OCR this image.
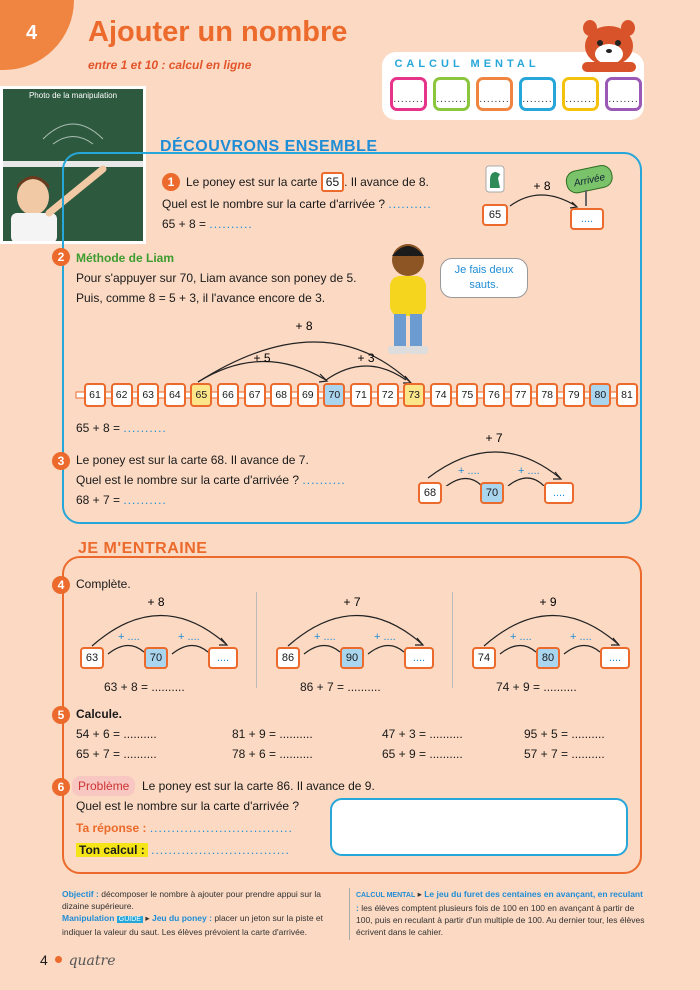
4	Ajouter un nombre
entre 1 et 10 : calcul en ligne	CALCUL MENTAL
........	........	........	........	........	........
Photo de la manipulation
DÉCOUVRONS ENSEMBLE
1 Le poney est sur la carte 65 . Il avance de 8.
Quel est le nombre sur la carte d'arrivée ? ..........
65 + 8 = ..........
+ 8 Arrivée
65	....
2 Méthode de Liam
Pour s'appuyer sur 70, Liam avance son poney de 5.
Puis, comme 8 = 5 + 3, il l'avance encore de 3.
Je fais deux sauts.
+ 8
+ 5	+ 3
61	62	63	64	65	66	67	68	69	70	71	72	73	74	75	76	77	78	79	80	81
65 + 8 = ..........
3 Le poney est sur la carte 68. Il avance de 7.
Quel est le nombre sur la carte d'arrivée ? ..........
68 + 7 = ..........
+ 7
+ ....	+ ....
68	70	....
JE M'ENTRAINE
4 Complète.
+ 8
+ ....	+ ....
63	70	....
63 + 8 = ..........
+ 7
+ ....	+ ....
86	90	....
86 + 7 = ..........
+ 9
+ ....	+ ....
74	80	....
74 + 9 = ..........
5 Calcule.
54 + 6 = ..........	81 + 9 = ..........	47 + 3 = ..........	95 + 5 = ..........
65 + 7 = ..........	78 + 6 = ..........	65 + 9 = ..........	57 + 7 = ..........
6	Problème	Le poney est sur la carte 86. Il avance de 9.
Quel est le nombre sur la carte d'arrivée ?
Ta réponse : .................................
Ton calcul : ................................
Objectif : décomposer le nombre à ajouter pour prendre appui sur la dizaine supérieure.
Manipulation GUIDE ▸ Jeu du poney : placer un jeton sur la piste et indiquer la valeur du saut. Les élèves prévoient la carte d'arrivée.
CALCUL MENTAL ▸ Le jeu du furet des centaines en avançant, en reculant : les élèves comptent plusieurs fois de 100 en 100 en avançant à partir de 100, puis en reculant à partir d'un multiple de 100. Au dernier tour, les élèves écrivent dans le cahier.
4 quatre
